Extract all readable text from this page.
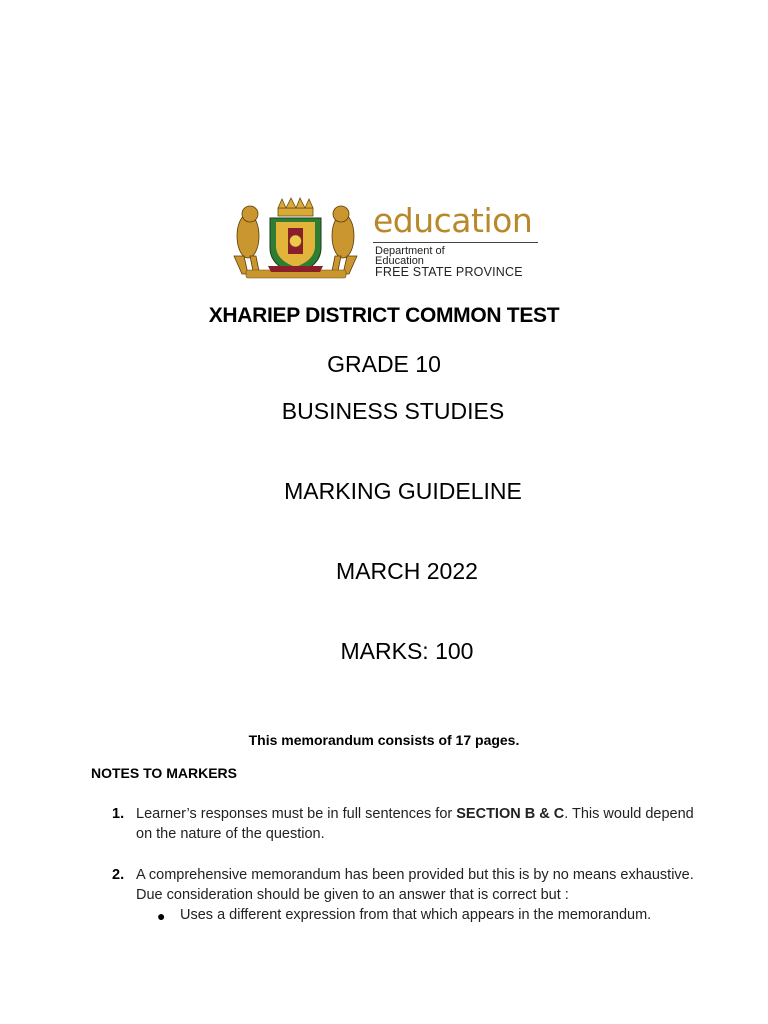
education
Department of
Education
FREE STATE PROVINCE
XHARIEP DISTRICT COMMON TEST
GRADE 10
BUSINESS STUDIES
MARKING GUIDELINE
MARCH 2022
MARKS: 100
This memorandum consists of 17 pages.
NOTES TO MARKERS
1. Learner’s responses must be in full sentences for SECTION B & C. This would depend on the nature of the question.
2. A comprehensive memorandum has been provided but this is by no means exhaustive. Due consideration should be given to an answer that is correct but :
● Uses a different expression from that which appears in the memorandum.
